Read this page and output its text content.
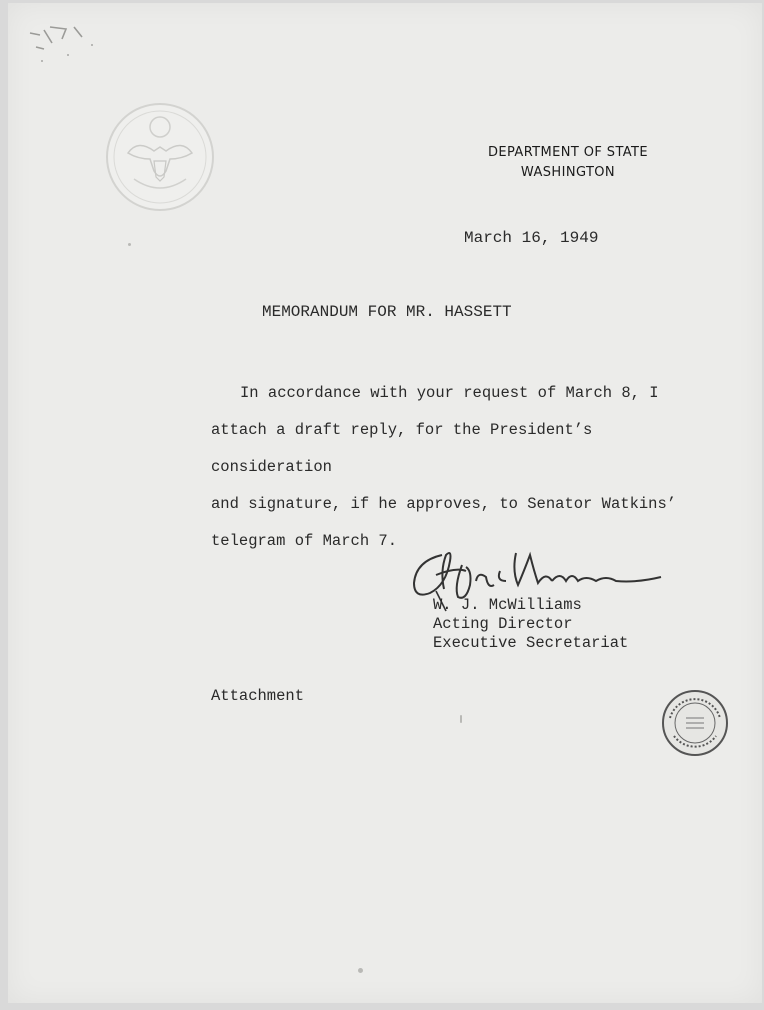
DEPARTMENT OF STATE
WASHINGTON
March 16, 1949
MEMORANDUM FOR MR. HASSETT
In accordance with your request of March 8, I
attach a draft reply, for the President’s consideration
and signature, if he approves, to Senator Watkins’
telegram of March 7.
W. J. McWilliams
Acting Director
Executive Secretariat
Attachment
